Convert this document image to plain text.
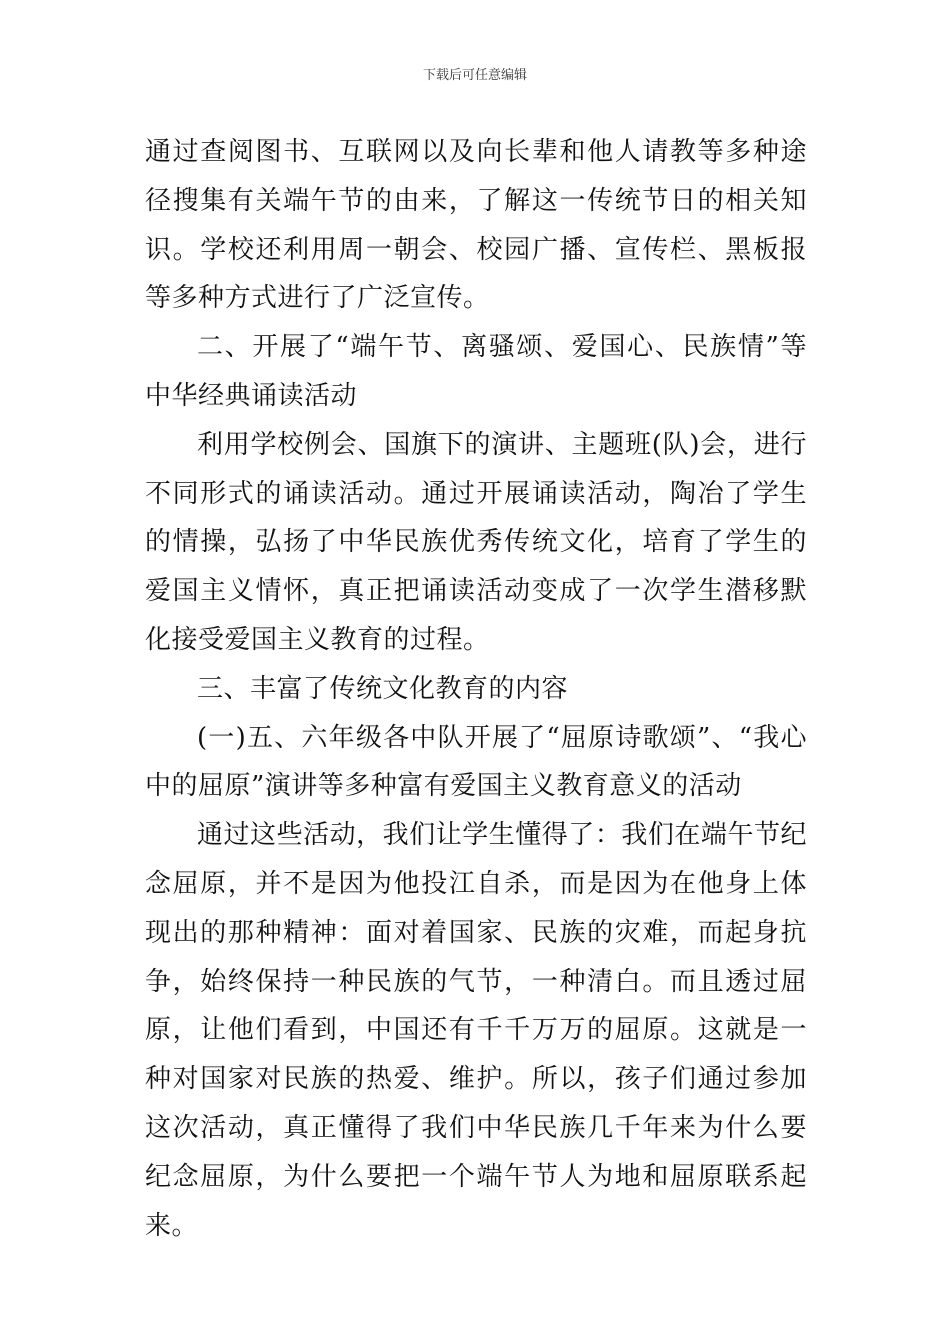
下载后可任意编辑

通过查阅图书、互联网以及向长辈和他人请教等多种途径搜集有关端午节的由来，了解这一传统节日的相关知识。学校还利用周一朝会、校园广播、宣传栏、黑板报等多种方式进行了广泛宣传。

二、开展了“端午节、离骚颂、爱国心、民族情”等中华经典诵读活动

利用学校例会、国旗下的演讲、主题班(队)会，进行不同形式的诵读活动。通过开展诵读活动，陶冶了学生的情操，弘扬了中华民族优秀传统文化，培育了学生的爱国主义情怀，真正把诵读活动变成了一次学生潜移默化接受爱国主义教育的过程。

三、丰富了传统文化教育的内容

(一)五、六年级各中队开展了“屈原诗歌颂”、“我心中的屈原”演讲等多种富有爱国主义教育意义的活动

通过这些活动，我们让学生懂得了：我们在端午节纪念屈原，并不是因为他投江自杀，而是因为在他身上体现出的那种精神：面对着国家、民族的灾难，而起身抗争，始终保持一种民族的气节，一种清白。而且透过屈原，让他们看到，中国还有千千万万的屈原。这就是一种对国家对民族的热爱、维护。所以，孩子们通过参加这次活动，真正懂得了我们中华民族几千年来为什么要纪念屈原，为什么要把一个端午节人为地和屈原联系起来。
